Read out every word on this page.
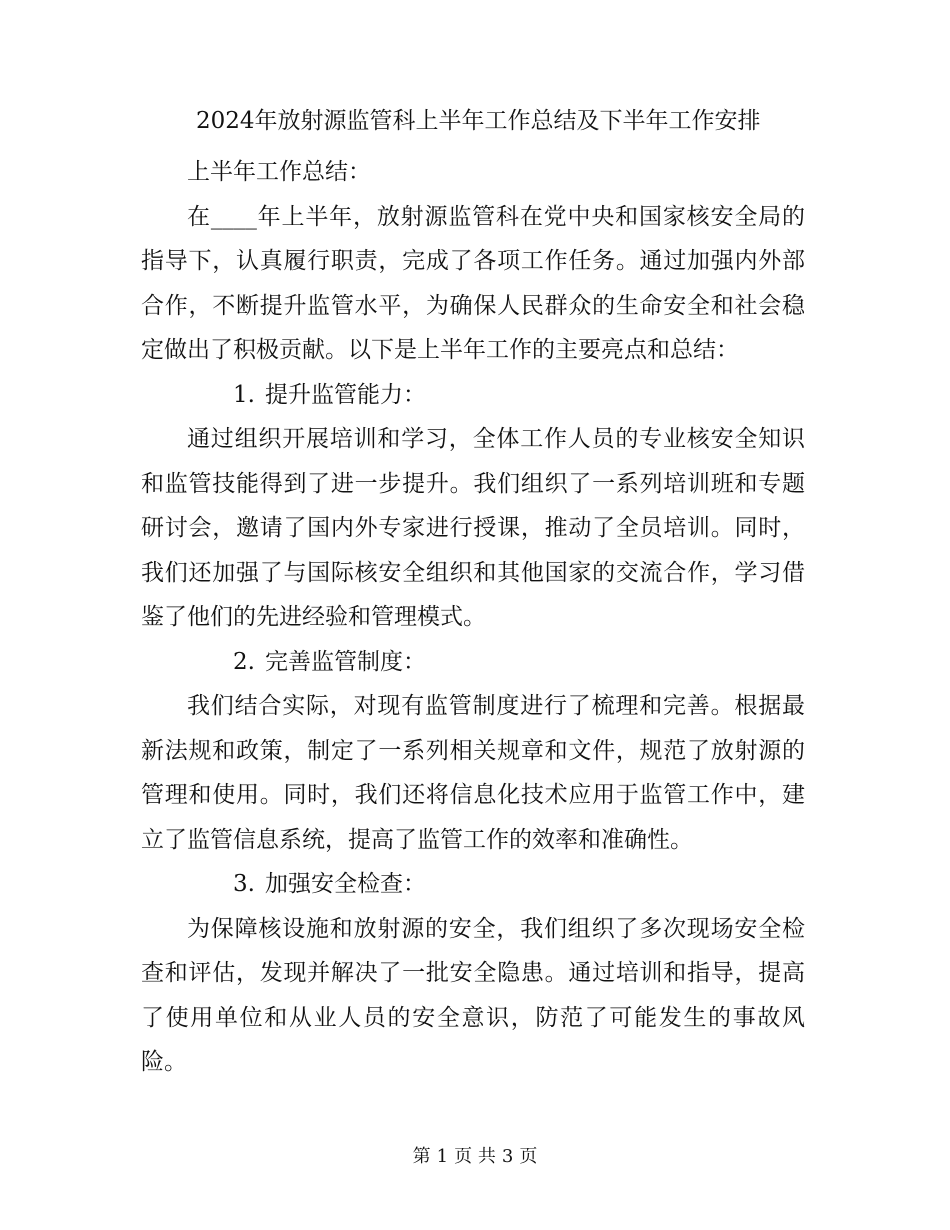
2024年放射源监管科上半年工作总结及下半年工作安排

上半年工作总结：

在____年上半年，放射源监管科在党中央和国家核安全局的指导下，认真履行职责，完成了各项工作任务。通过加强内外部合作，不断提升监管水平，为确保人民群众的生命安全和社会稳定做出了积极贡献。以下是上半年工作的主要亮点和总结：

1. 提升监管能力：

通过组织开展培训和学习，全体工作人员的专业核安全知识和监管技能得到了进一步提升。我们组织了一系列培训班和专题研讨会，邀请了国内外专家进行授课，推动了全员培训。同时，我们还加强了与国际核安全组织和其他国家的交流合作，学习借鉴了他们的先进经验和管理模式。

2. 完善监管制度：

我们结合实际，对现有监管制度进行了梳理和完善。根据最新法规和政策，制定了一系列相关规章和文件，规范了放射源的管理和使用。同时，我们还将信息化技术应用于监管工作中，建立了监管信息系统，提高了监管工作的效率和准确性。

3. 加强安全检查：

为保障核设施和放射源的安全，我们组织了多次现场安全检查和评估，发现并解决了一批安全隐患。通过培训和指导，提高了使用单位和从业人员的安全意识，防范了可能发生的事故风险。

第 1 页 共 3 页
